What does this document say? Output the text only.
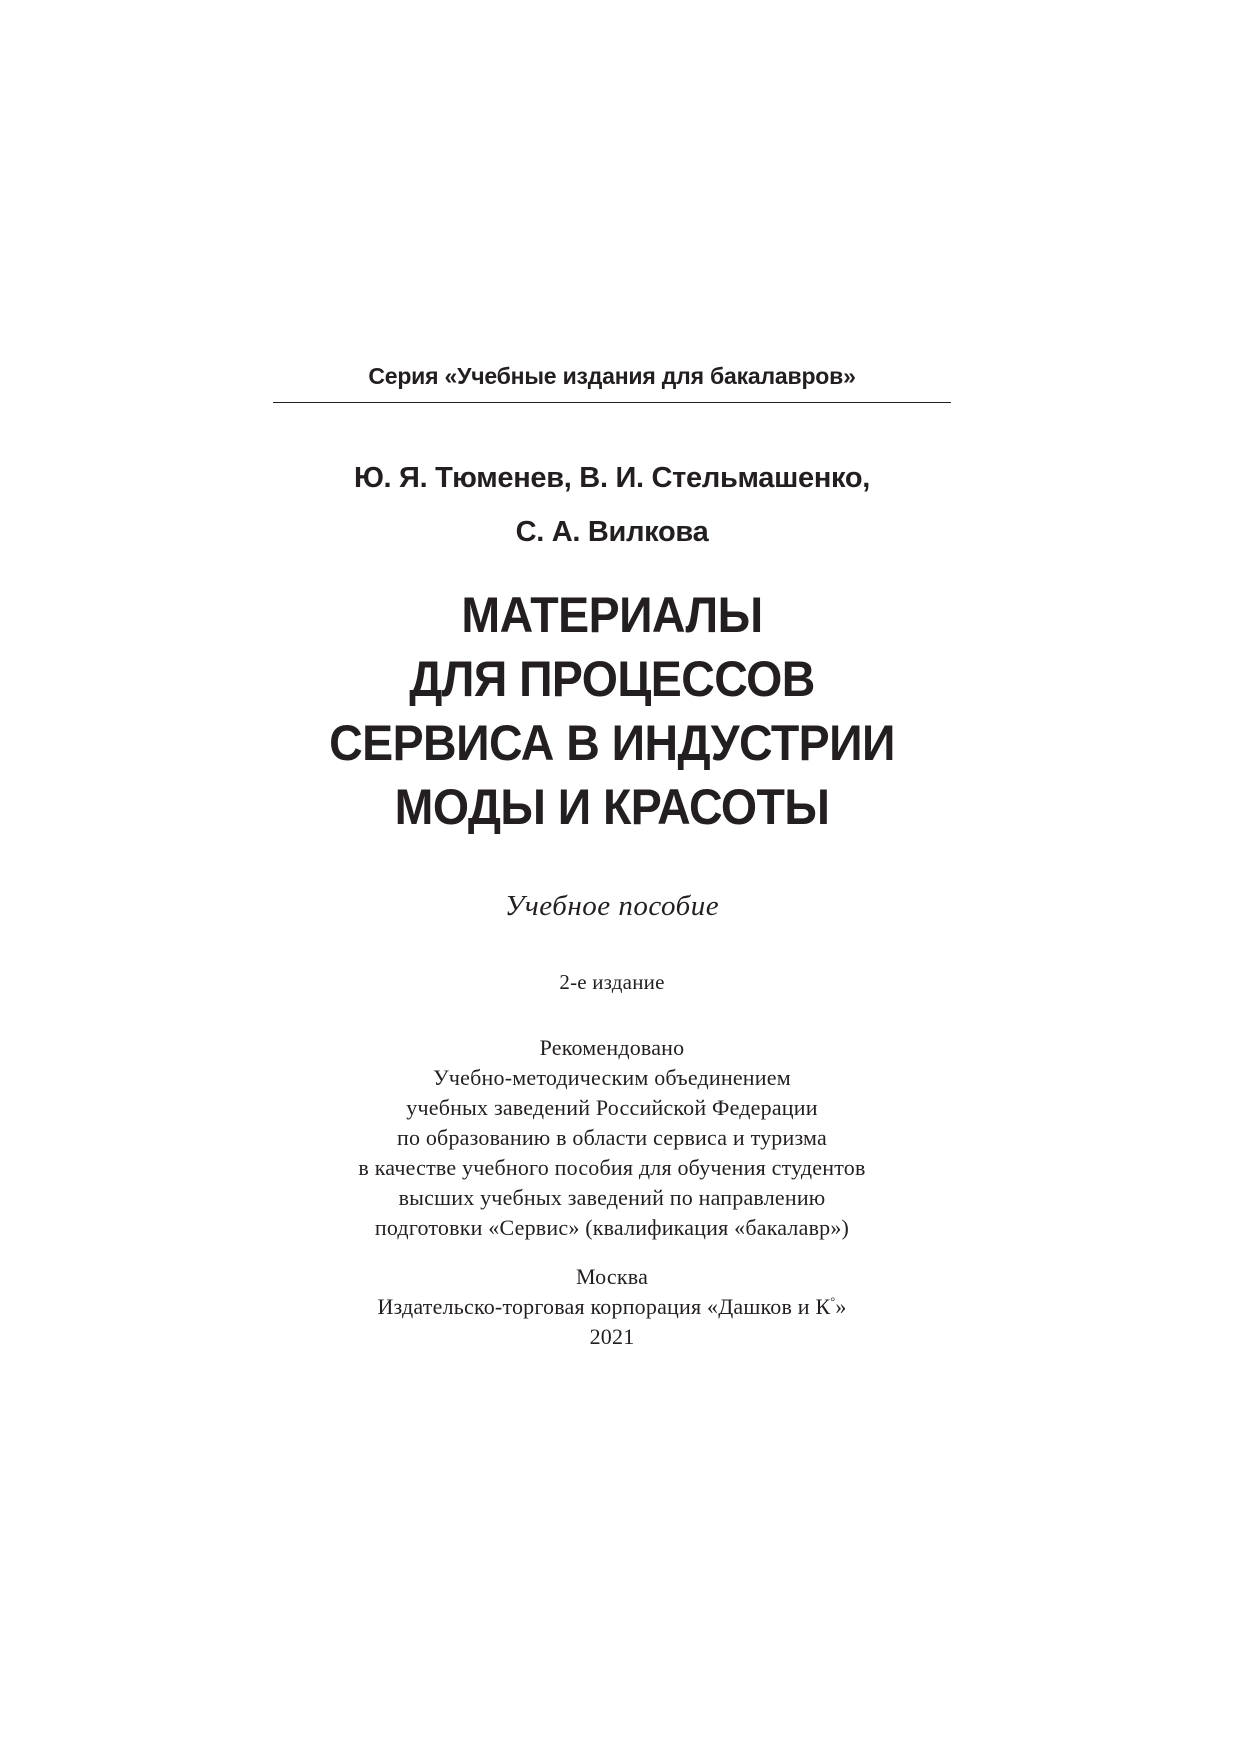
Серия «Учебные издания для бакалавров»
Ю. Я. Тюменев, В. И. Стельмашенко,
С. А. Вилкова
МАТЕРИАЛЫ
ДЛЯ ПРОЦЕССОВ
СЕРВИСА В ИНДУСТРИИ
МОДЫ И КРАСОТЫ
Учебное пособие
2-е издание
Рекомендовано
Учебно-методическим объединением
учебных заведений Российской Федерации
по образованию в области сервиса и туризма
в качестве учебного пособия для обучения студентов
высших учебных заведений по направлению
подготовки «Сервис» (квалификация «бакалавр»)
Москва
Издательско-торговая корпорация «Дашков и К°»
2021
